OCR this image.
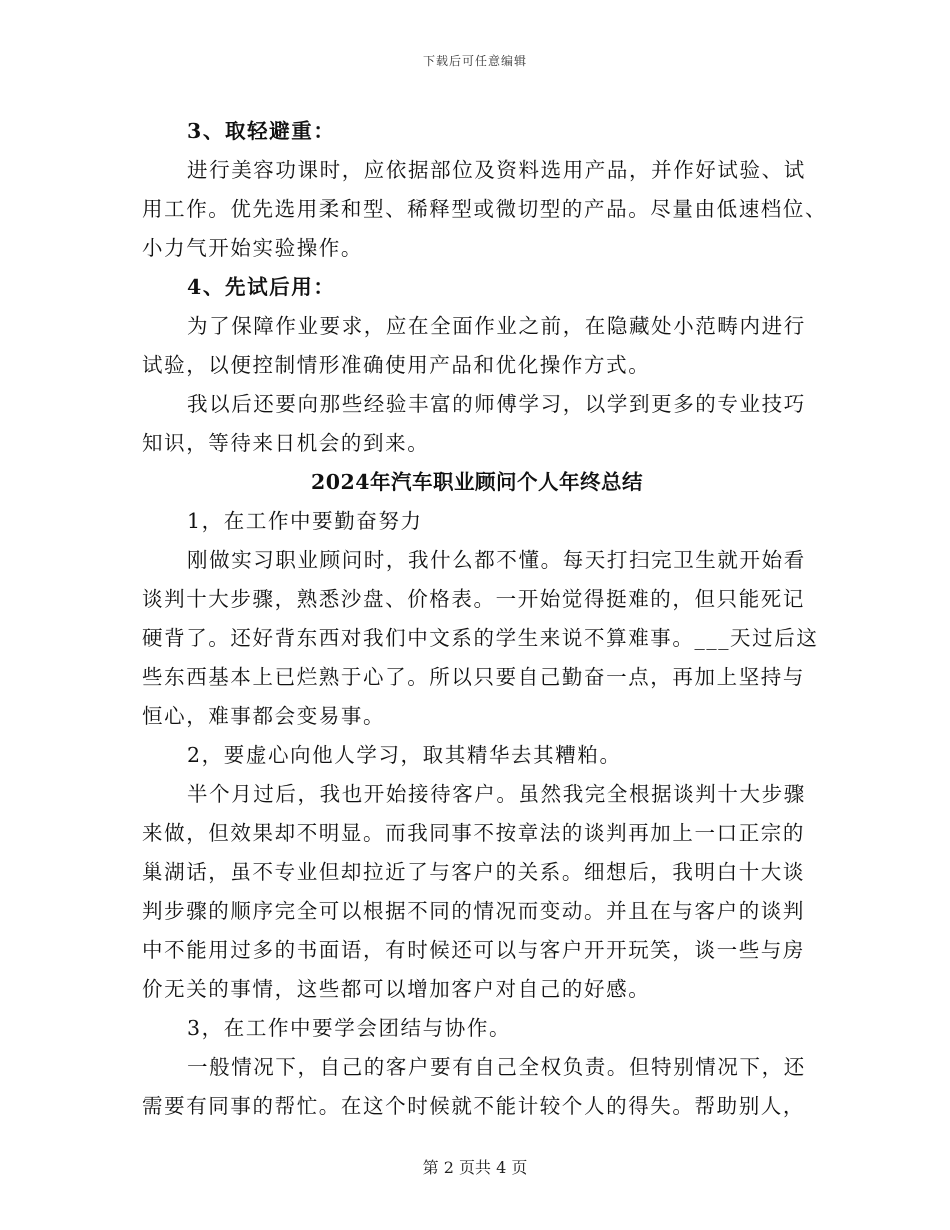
下载后可任意编辑
3、取轻避重：
进行美容功课时，应依据部位及资料选用产品，并作好试验、试
用工作。优先选用柔和型、稀释型或微切型的产品。尽量由低速档位、
小力气开始实验操作。
4、先试后用：
为了保障作业要求，应在全面作业之前，在隐藏处小范畴内进行
试验，以便控制情形准确使用产品和优化操作方式。
我以后还要向那些经验丰富的师傅学习，以学到更多的专业技巧
知识，等待来日机会的到来。
2024年汽车职业顾问个人年终总结
1，在工作中要勤奋努力
刚做实习职业顾问时，我什么都不懂。每天打扫完卫生就开始看
谈判十大步骤，熟悉沙盘、价格表。一开始觉得挺难的，但只能死记
硬背了。还好背东西对我们中文系的学生来说不算难事。___天过后这
些东西基本上已烂熟于心了。所以只要自己勤奋一点，再加上坚持与
恒心，难事都会变易事。
2，要虚心向他人学习，取其精华去其糟粕。
半个月过后，我也开始接待客户。虽然我完全根据谈判十大步骤
来做，但效果却不明显。而我同事不按章法的谈判再加上一口正宗的
巢湖话，虽不专业但却拉近了与客户的关系。细想后，我明白十大谈
判步骤的顺序完全可以根据不同的情况而变动。并且在与客户的谈判
中不能用过多的书面语，有时候还可以与客户开开玩笑，谈一些与房
价无关的事情，这些都可以增加客户对自己的好感。
3，在工作中要学会团结与协作。
一般情况下，自己的客户要有自己全权负责。但特别情况下，还
需要有同事的帮忙。在这个时候就不能计较个人的得失。帮助别人，
第 2 页共 4 页
